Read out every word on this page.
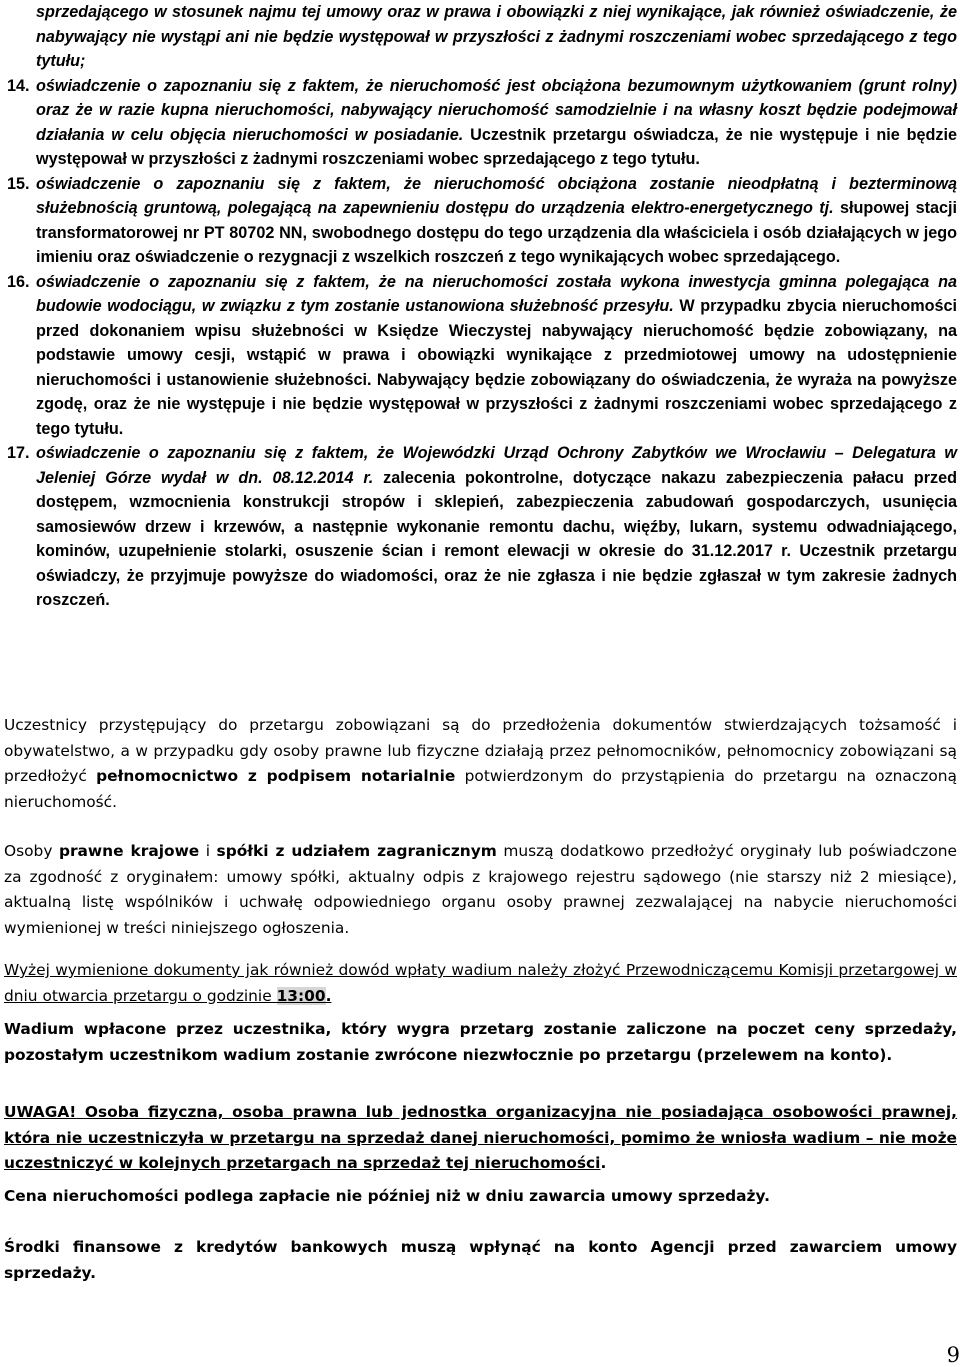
sprzedającego w stosunek najmu tej umowy oraz w prawa i obowiązki z niej wynikające, jak również oświadczenie, że nabywający nie wystąpi ani nie będzie występował w przyszłości z żadnymi roszczeniami wobec sprzedającego z tego tytułu;

14. oświadczenie o zapoznaniu się z faktem, że nieruchomość jest obciążona bezumownym użytkowaniem (grunt rolny) oraz że w razie kupna nieruchomości, nabywający nieruchomość samodzielnie i na własny koszt będzie podejmował działania w celu objęcia nieruchomości w posiadanie. Uczestnik przetargu oświadcza, że nie występuje i nie będzie występował w przyszłości z żadnymi roszczeniami wobec sprzedającego z tego tytułu.
15. oświadczenie o zapoznaniu się z faktem, że nieruchomość obciążona zostanie nieodpłatną i bezterminową służebnością gruntową, polegającą na zapewnieniu dostępu do urządzenia elektro-energetycznego tj. słupowej stacji transformatorowej nr PT 80702 NN, swobodnego dostępu do tego urządzenia dla właściciela i osób działających w jego imieniu oraz oświadczenie o rezygnacji z wszelkich roszczeń z tego wynikających wobec sprzedającego.
16. oświadczenie o zapoznaniu się z faktem, że na nieruchomości została wykona inwestycja gminna polegająca na budowie wodociągu, w związku z tym zostanie ustanowiona służebność przesyłu. W przypadku zbycia nieruchomości przed dokonaniem wpisu służebności w Księdze Wieczystej nabywający nieruchomość będzie zobowiązany, na podstawie umowy cesji, wstąpić w prawa i obowiązki wynikające z przedmiotowej umowy na udostępnienie nieruchomości i ustanowienie służebności. Nabywający będzie zobowiązany do oświadczenia, że wyraża na powyższe zgodę, oraz że nie występuje i nie będzie występował w przyszłości z żadnymi roszczeniami wobec sprzedającego z tego tytułu.
17. oświadczenie o zapoznaniu się z faktem, że Wojewódzki Urząd Ochrony Zabytków we Wrocławiu – Delegatura w Jeleniej Górze wydał w dn. 08.12.2014 r. zalecenia pokontrolne, dotyczące nakazu zabezpieczenia pałacu przed dostępem, wzmocnienia konstrukcji stropów i sklepień, zabezpieczenia zabudowań gospodarczych, usunięcia samosiewów drzew i krzewów, a następnie wykonanie remontu dachu, więźby, lukarn, systemu odwadniającego, kominów, uzupełnienie stolarki, osuszenie ścian i remont elewacji w okresie do 31.12.2017 r. Uczestnik przetargu oświadczy, że przyjmuje powyższe do wiadomości, oraz że nie zgłasza i nie będzie zgłaszał w tym zakresie żadnych roszczeń.

Uczestnicy przystępujący do przetargu zobowiązani są do przedłożenia dokumentów stwierdzających tożsamość i obywatelstwo, a w przypadku gdy osoby prawne lub fizyczne działają przez pełnomocników, pełnomocnicy zobowiązani są przedłożyć pełnomocnictwo z podpisem notarialnie potwierdzonym do przystąpienia do przetargu na oznaczoną nieruchomość.

Osoby prawne krajowe i spółki z udziałem zagranicznym muszą dodatkowo przedłożyć oryginały lub poświadczone za zgodność z oryginałem: umowy spółki, aktualny odpis z krajowego rejestru sądowego (nie starszy niż 2 miesiące), aktualną listę wspólników i uchwałę odpowiedniego organu osoby prawnej zezwalającej na nabycie nieruchomości wymienionej w treści niniejszego ogłoszenia.

Wyżej wymienione dokumenty jak również dowód wpłaty wadium należy złożyć Przewodniczącemu Komisji przetargowej w dniu otwarcia przetargu o godzinie 13:00.

Wadium wpłacone przez uczestnika, który wygra przetarg zostanie zaliczone na poczet ceny sprzedaży, pozostałym uczestnikom wadium zostanie zwrócone niezwłocznie po przetargu (przelewem na konto).

UWAGA! Osoba fizyczna, osoba prawna lub jednostka organizacyjna nie posiadająca osobowości prawnej, która nie uczestniczyła w przetargu na sprzedaż danej nieruchomości, pomimo że wniosła wadium – nie może uczestniczyć w kolejnych przetargach na sprzedaż tej nieruchomości.

Cena nieruchomości podlega zapłacie nie później niż w dniu zawarcia umowy sprzedaży.

Środki finansowe z kredytów bankowych muszą wpłynąć na konto Agencji przed zawarciem umowy sprzedaży.

9
